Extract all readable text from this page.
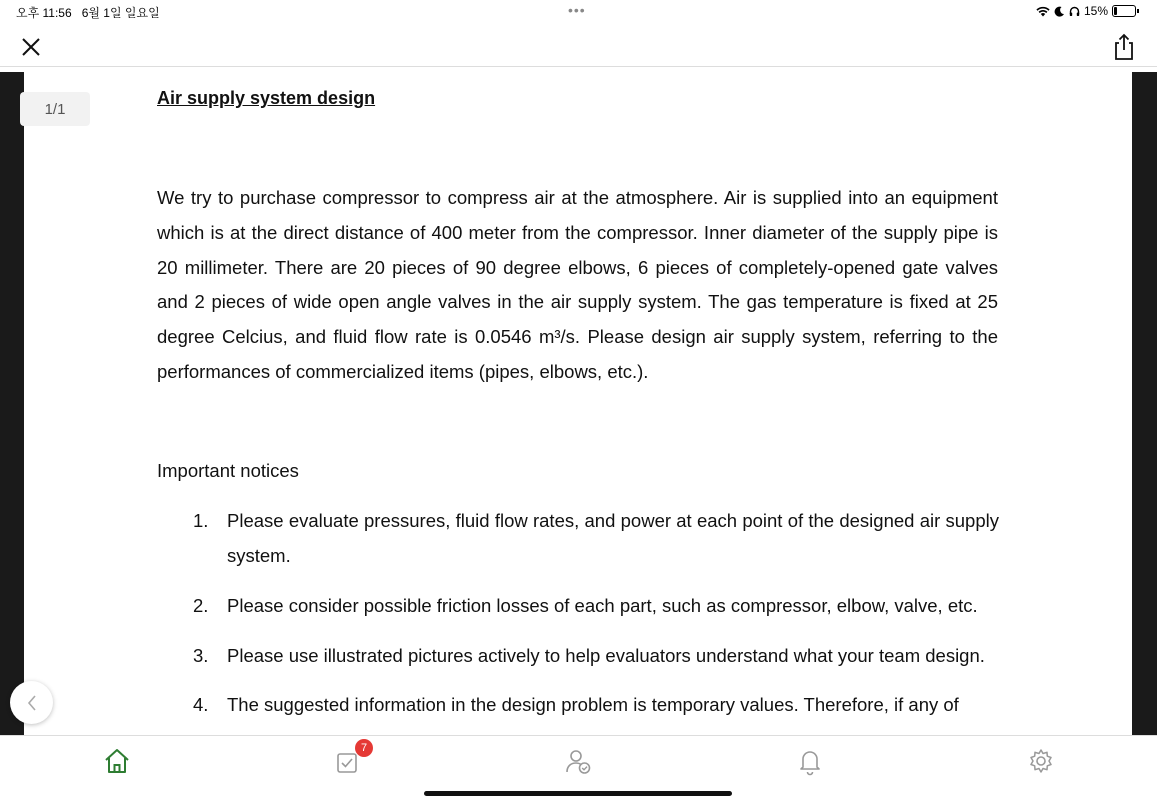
오후 11:56 6월 1일 일요일	•••	15%
1/1
Air supply system design
We try to purchase compressor to compress air at the atmosphere. Air is supplied into an equipment which is at the direct distance of 400 meter from the compressor. Inner diameter of the supply pipe is 20 millimeter. There are 20 pieces of 90 degree elbows, 6 pieces of completely-opened gate valves and 2 pieces of wide open angle valves in the air supply system. The gas temperature is fixed at 25 degree Celcius, and fluid flow rate is 0.0546 m³/s. Please design air supply system, referring to the performances of commercialized items (pipes, elbows, etc.).
Important notices
1.	Please evaluate pressures, fluid flow rates, and power at each point of the designed air supply system.
2.	Please consider possible friction losses of each part, such as compressor, elbow, valve, etc.
3.	Please use illustrated pictures actively to help evaluators understand what your team design.
4.	The suggested information in the design problem is temporary values. Therefore, if any of
7
